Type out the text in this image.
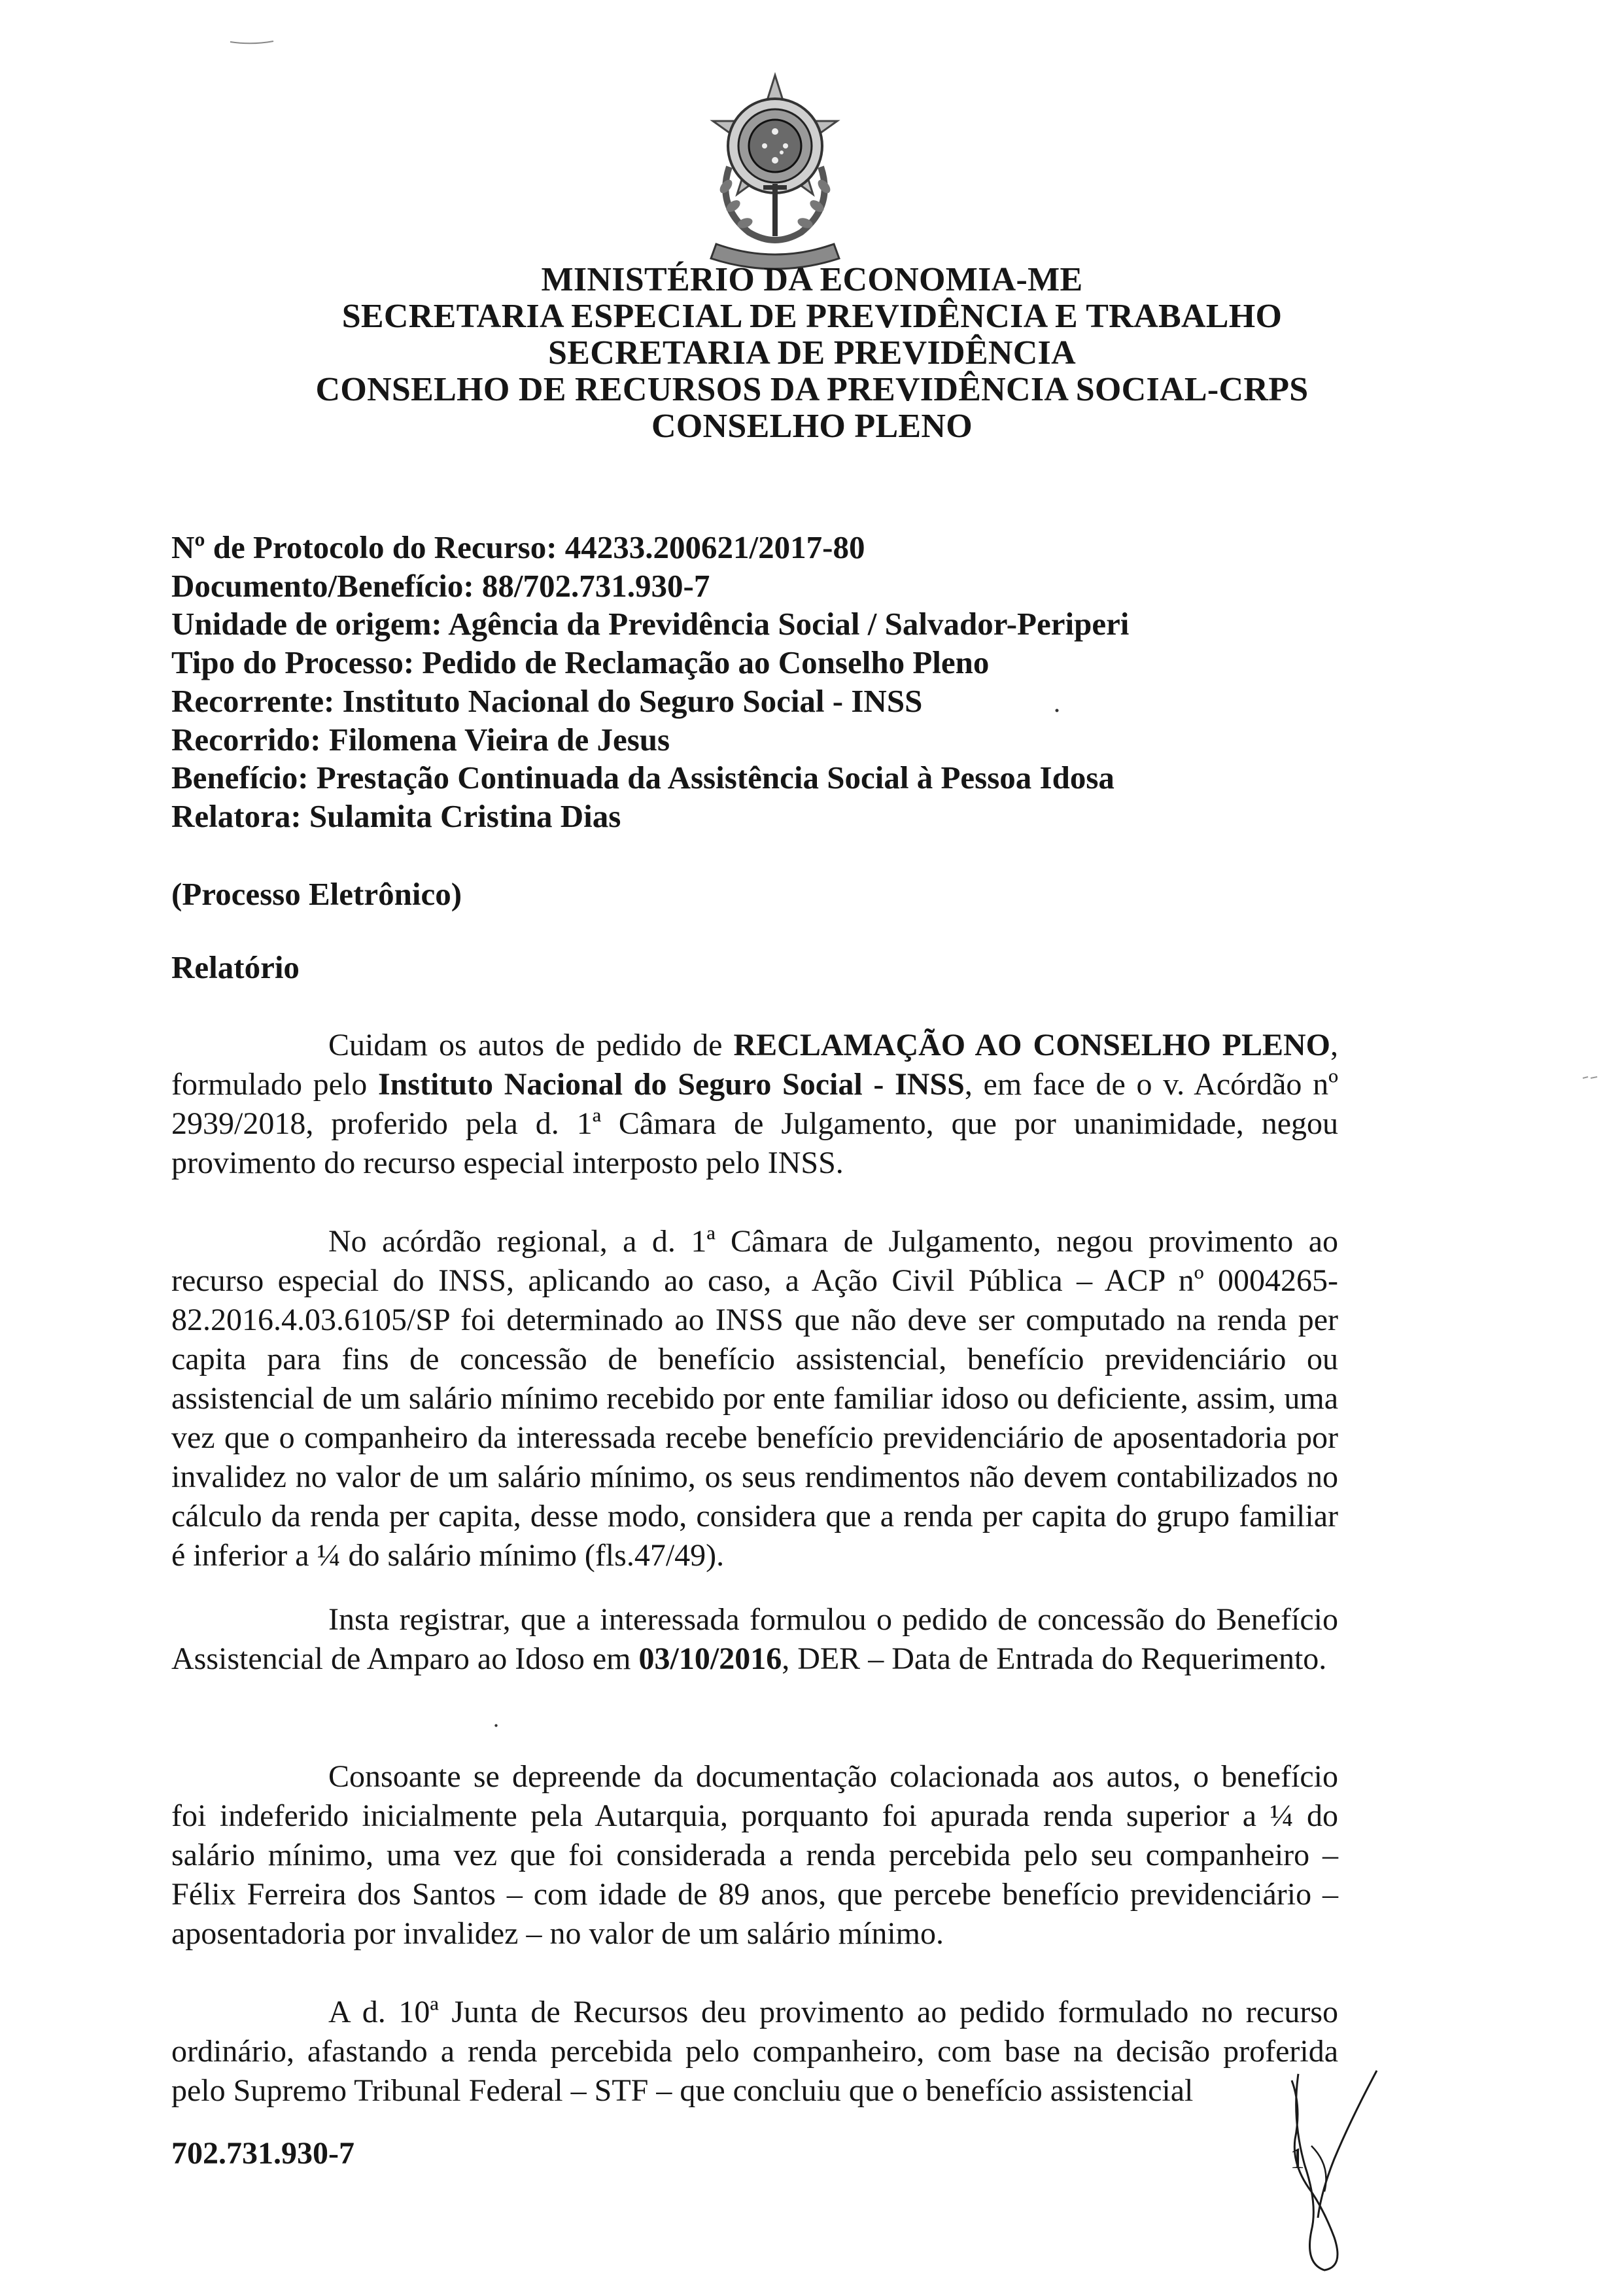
MINISTÉRIO DA ECONOMIA-ME
SECRETARIA ESPECIAL DE PREVIDÊNCIA E TRABALHO
SECRETARIA DE PREVIDÊNCIA
CONSELHO DE RECURSOS DA PREVIDÊNCIA SOCIAL-CRPS
CONSELHO PLENO
Nº de Protocolo do Recurso: 44233.200621/2017-80
Documento/Benefício: 88/702.731.930-7
Unidade de origem: Agência da Previdência Social / Salvador-Periperi
Tipo do Processo: Pedido de Reclamação ao Conselho Pleno
Recorrente: Instituto Nacional do Seguro Social - INSS
Recorrido: Filomena Vieira de Jesus
Benefício: Prestação Continuada da Assistência Social à Pessoa Idosa
Relatora: Sulamita Cristina Dias
(Processo Eletrônico)
Relatório
Cuidam os autos de pedido de RECLAMAÇÃO AO CONSELHO PLENO, formulado pelo Instituto Nacional do Seguro Social - INSS, em face de o v. Acórdão nº 2939/2018, proferido pela d. 1ª Câmara de Julgamento, que por unanimidade, negou provimento do recurso especial interposto pelo INSS.
No acórdão regional, a d. 1ª Câmara de Julgamento, negou provimento ao recurso especial do INSS, aplicando ao caso, a Ação Civil Pública – ACP nº 0004265-82.2016.4.03.6105/SP foi determinado ao INSS que não deve ser computado na renda per capita para fins de concessão de benefício assistencial, benefício previdenciário ou assistencial de um salário mínimo recebido por ente familiar idoso ou deficiente, assim, uma vez que o companheiro da interessada recebe benefício previdenciário de aposentadoria por invalidez no valor de um salário mínimo, os seus rendimentos não devem contabilizados no cálculo da renda per capita, desse modo, considera que a renda per capita do grupo familiar é inferior a ¼ do salário mínimo (fls.47/49).
Insta registrar, que a interessada formulou o pedido de concessão do Benefício Assistencial de Amparo ao Idoso em 03/10/2016, DER – Data de Entrada do Requerimento.
Consoante se depreende da documentação colacionada aos autos, o benefício foi indeferido inicialmente pela Autarquia, porquanto foi apurada renda superior a ¼ do salário mínimo, uma vez que foi considerada a renda percebida pelo seu companheiro – Félix Ferreira dos Santos – com idade de 89 anos, que percebe benefício previdenciário – aposentadoria por invalidez – no valor de um salário mínimo.
A d. 10ª Junta de Recursos deu provimento ao pedido formulado no recurso ordinário, afastando a renda percebida pelo companheiro, com base na decisão proferida pelo Supremo Tribunal Federal – STF – que concluiu que o benefício assistencial
702.731.930-7	1
